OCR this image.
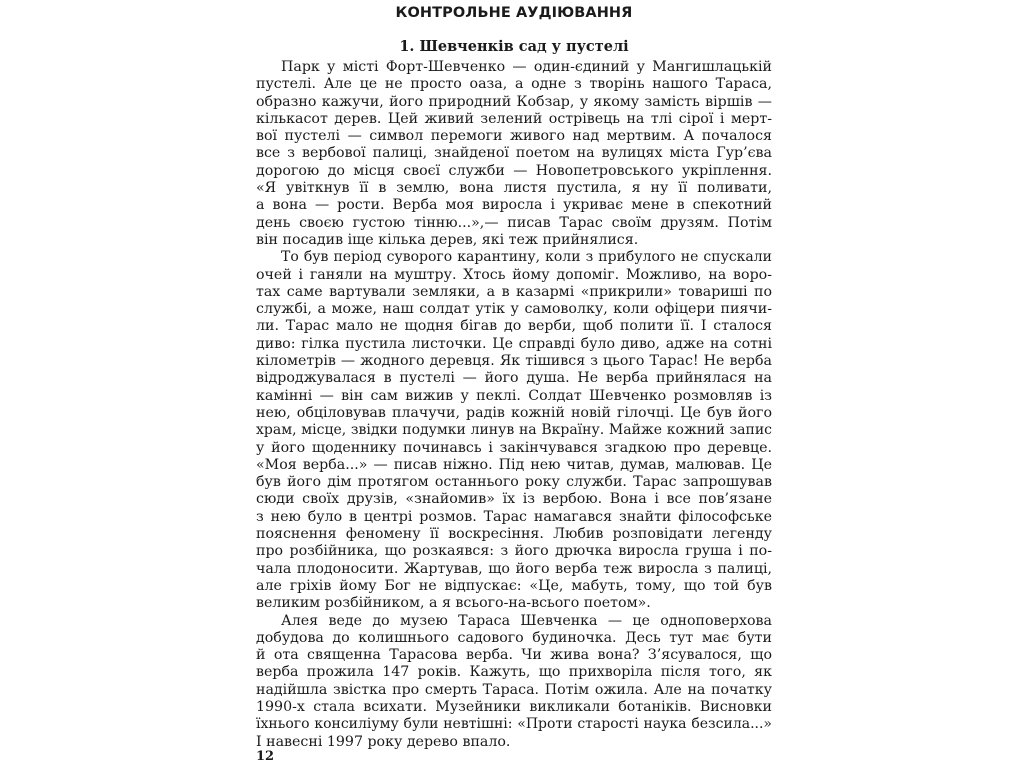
КОНТРОЛЬНЕ АУДІЮВАННЯ
1. Шевченків сад у пустелі
Парк у місті Форт-Шевченко — один-єдиний у Мангишлацькій
пустелі. Але це не просто оаза, а одне з творінь нашого Тараса,
образно кажучи, його природний Кобзар, у якому замість віршів —
кількасот дерев. Цей живий зелений острівець на тлі сірої і мерт-
вої пустелі — символ перемоги живого над мертвим. А почалося
все з вербової палиці, знайденої поетом на вулицях міста Гур’єва
дорогою до місця своєї служби — Новопетровського укріплення.
«Я увіткнув її в землю, вона листя пустила, я ну її поливати,
а вона — рости. Верба моя виросла і укриває мене в спекотний
день своєю густою тінню...»,— писав Тарас своїм друзям. Потім
він посадив іще кілька дерев, які теж прийнялися.
То був період суворого карантину, коли з прибулого не спускали
очей і ганяли на муштру. Хтось йому допоміг. Можливо, на воро-
тах саме вартували земляки, а в казармі «прикрили» товариші по
службі, а може, наш солдат утік у самоволку, коли офіцери пиячи-
ли. Тарас мало не щодня бігав до верби, щоб полити її. І сталося
диво: гілка пустила листочки. Це справді було диво, адже на сотні
кілометрів — жодного деревця. Як тішився з цього Тарас! Не верба
відроджувалася в пустелі — його душа. Не верба прийнялася на
камінні — він сам вижив у пеклі. Солдат Шевченко розмовляв із
нею, обціловував плачучи, радів кожній новій гілочці. Це був його
храм, місце, звідки подумки линув на Вкраїну. Майже кожний запис
у його щоденнику починавсь і закінчувався згадкою про деревце.
«Моя верба...» — писав ніжно. Під нею читав, думав, малював. Це
був його дім протягом останнього року служби. Тарас запрошував
сюди своїх друзів, «знайомив» їх із вербою. Вона і все пов’язане
з нею було в центрі розмов. Тарас намагався знайти філософське
пояснення феномену її воскресіння. Любив розповідати легенду
про розбійника, що розкаявся: з його дрючка виросла груша і по-
чала плодоносити. Жартував, що його верба теж виросла з палиці,
але гріхів йому Бог не відпускає: «Це, мабуть, тому, що той був
великим розбійником, а я всього-на-всього поетом».
Алея веде до музею Тараса Шевченка — це одноповерхова
добудова до колишнього садового будиночка. Десь тут має бути
й ота священна Тарасова верба. Чи жива вона? З’ясувалося, що
верба прожила 147 років. Кажуть, що прихворіла після того, як
надійшла звістка про смерть Тараса. Потім ожила. Але на початку
1990-х стала всихати. Музейники викликали ботаніків. Висновки
їхнього консиліуму були невтішні: «Проти старості наука безсила...»
І навесні 1997 року дерево впало.
12
